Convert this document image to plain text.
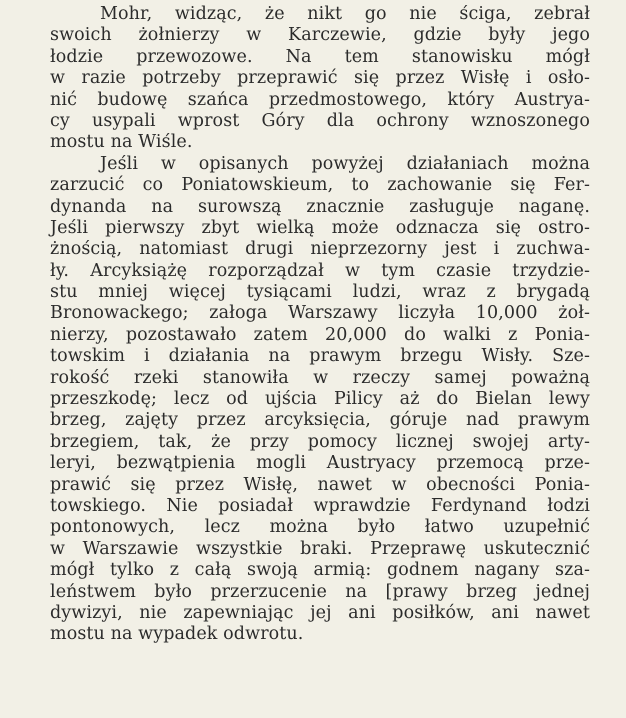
Mohr, widząc, że nikt go nie ściga, zebrał
swoich żołnierzy w Karczewie, gdzie były jego
łodzie przewozowe. Na tem stanowisku mógł
w razie potrzeby przeprawić się przez Wisłę i osło-
nić budowę szańca przedmostowego, który Austrya-
cy usypali wprost Góry dla ochrony wznoszonego
mostu na Wiśle.
Jeśli w opisanych powyżej działaniach można
zarzucić co Poniatowskieum, to zachowanie się Fer-
dynanda na surowszą znacznie zasługuje naganę.
Jeśli pierwszy zbyt wielką może odznacza się ostro-
żnością, natomiast drugi nieprzezorny jest i zuchwa-
ły. Arcyksiążę rozporządzał w tym czasie trzydzie-
stu mniej więcej tysiącami ludzi, wraz z brygadą
Bronowackego; załoga Warszawy liczyła 10,000 żoł-
nierzy, pozostawało zatem 20,000 do walki z Ponia-
towskim i działania na prawym brzegu Wisły. Sze-
rokość rzeki stanowiła w rzeczy samej poważną
przeszkodę; lecz od ujścia Pilicy aż do Bielan lewy
brzeg, zajęty przez arcyksięcia, góruje nad prawym
brzegiem, tak, że przy pomocy licznej swojej arty-
leryi, bezwątpienia mogli Austryacy przemocą prze-
prawić się przez Wisłę, nawet w obecności Ponia-
towskiego. Nie posiadał wprawdzie Ferdynand łodzi
pontonowych, lecz można było łatwo uzupełnić
w Warszawie wszystkie braki. Przeprawę uskutecznić
mógł tylko z całą swoją armią: godnem nagany sza-
leństwem było przerzucenie na [prawy brzeg jednej
dywizyi, nie zapewniając jej ani posiłków, ani nawet
mostu na wypadek odwrotu.
